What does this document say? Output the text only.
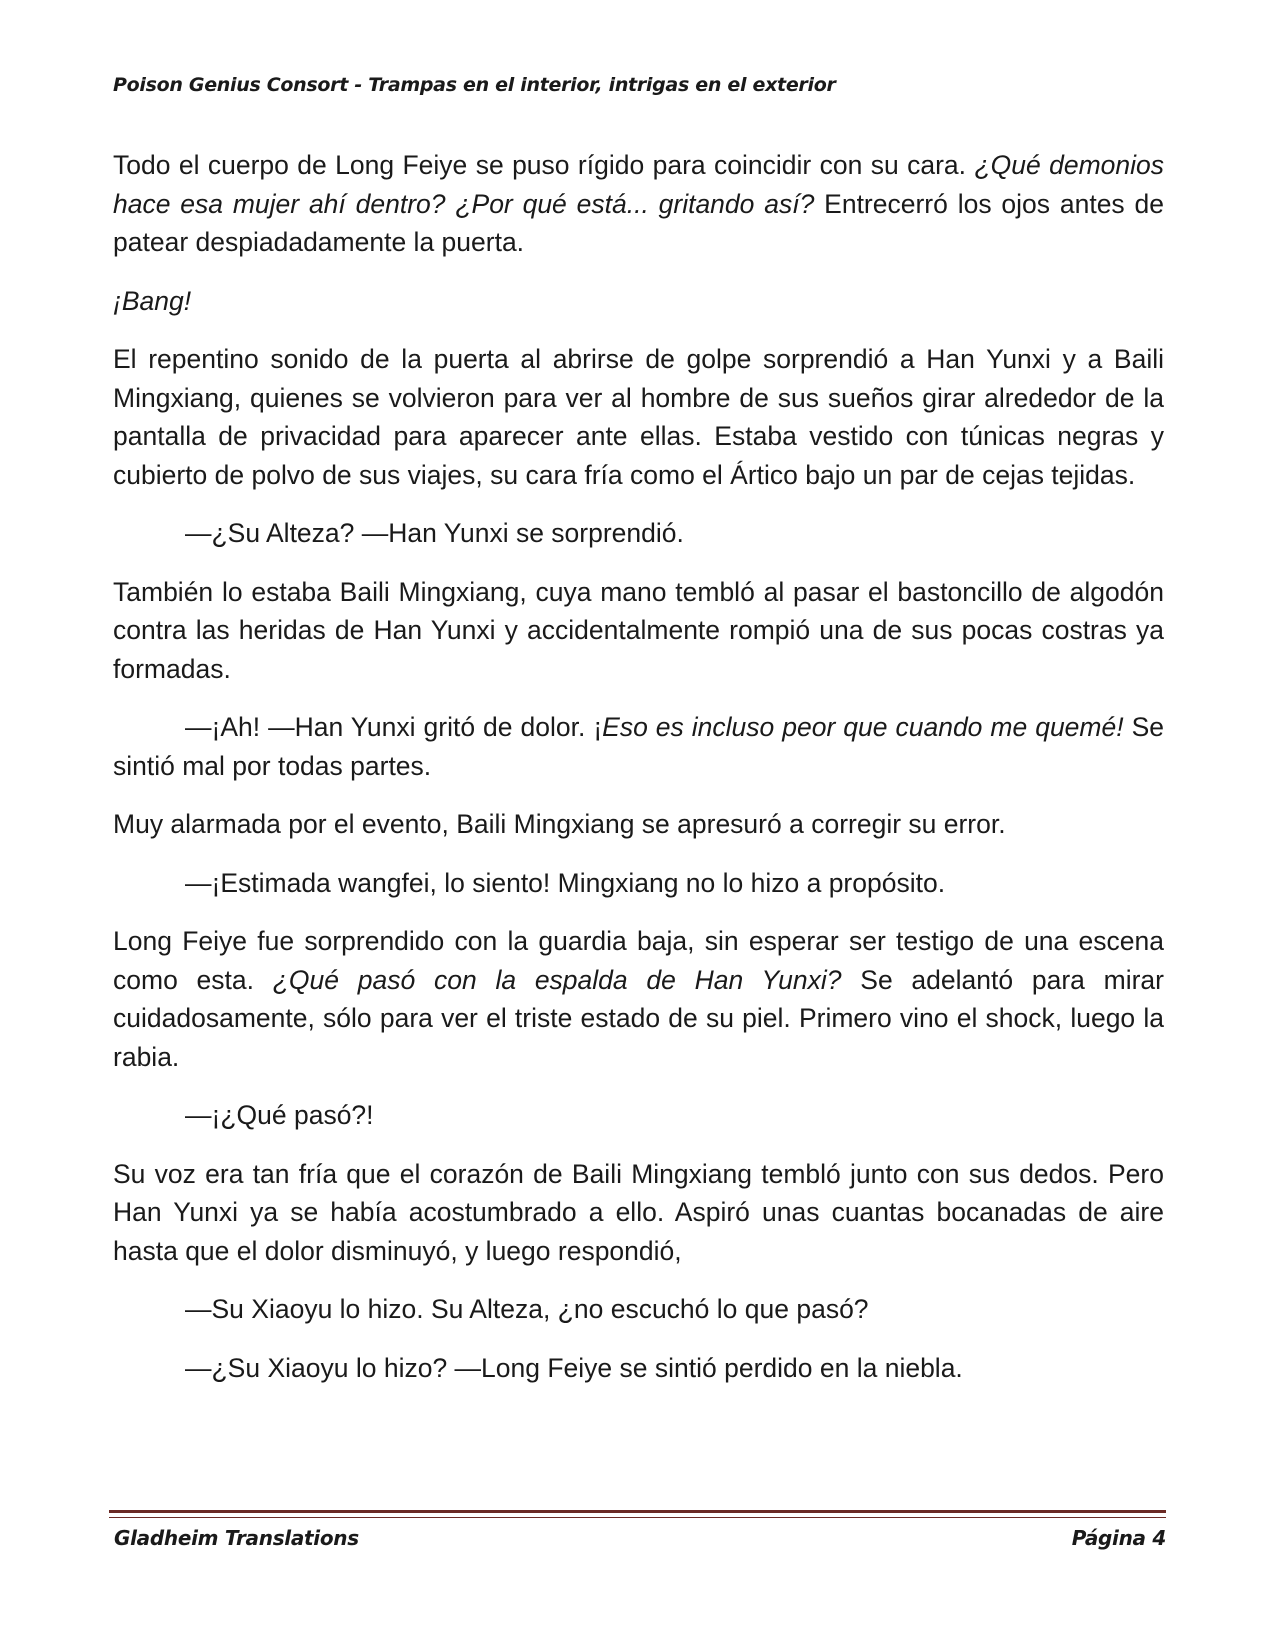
Poison Genius Consort - Trampas en el interior, intrigas en el exterior

Todo el cuerpo de Long Feiye se puso rígido para coincidir con su cara. ¿Qué demonios hace esa mujer ahí dentro? ¿Por qué está... gritando así? Entrecerró los ojos antes de patear despiadadamente la puerta.

¡Bang!

El repentino sonido de la puerta al abrirse de golpe sorprendió a Han Yunxi y a Baili Mingxiang, quienes se volvieron para ver al hombre de sus sueños girar alrededor de la pantalla de privacidad para aparecer ante ellas. Estaba vestido con túnicas negras y cubierto de polvo de sus viajes, su cara fría como el Ártico bajo un par de cejas tejidas.

—¿Su Alteza? —Han Yunxi se sorprendió.

También lo estaba Baili Mingxiang, cuya mano tembló al pasar el bastoncillo de algodón contra las heridas de Han Yunxi y accidentalmente rompió una de sus pocas costras ya formadas.

—¡Ah! —Han Yunxi gritó de dolor. ¡Eso es incluso peor que cuando me quemé! Se sintió mal por todas partes.

Muy alarmada por el evento, Baili Mingxiang se apresuró a corregir su error.

—¡Estimada wangfei, lo siento! Mingxiang no lo hizo a propósito.

Long Feiye fue sorprendido con la guardia baja, sin esperar ser testigo de una escena como esta. ¿Qué pasó con la espalda de Han Yunxi? Se adelantó para mirar cuidadosamente, sólo para ver el triste estado de su piel. Primero vino el shock, luego la rabia.

—¡¿Qué pasó?!

Su voz era tan fría que el corazón de Baili Mingxiang tembló junto con sus dedos. Pero Han Yunxi ya se había acostumbrado a ello. Aspiró unas cuantas bocanadas de aire hasta que el dolor disminuyó, y luego respondió,

—Su Xiaoyu lo hizo. Su Alteza, ¿no escuchó lo que pasó?

—¿Su Xiaoyu lo hizo? —Long Feiye se sintió perdido en la niebla.

Gladheim Translations	Página 4
